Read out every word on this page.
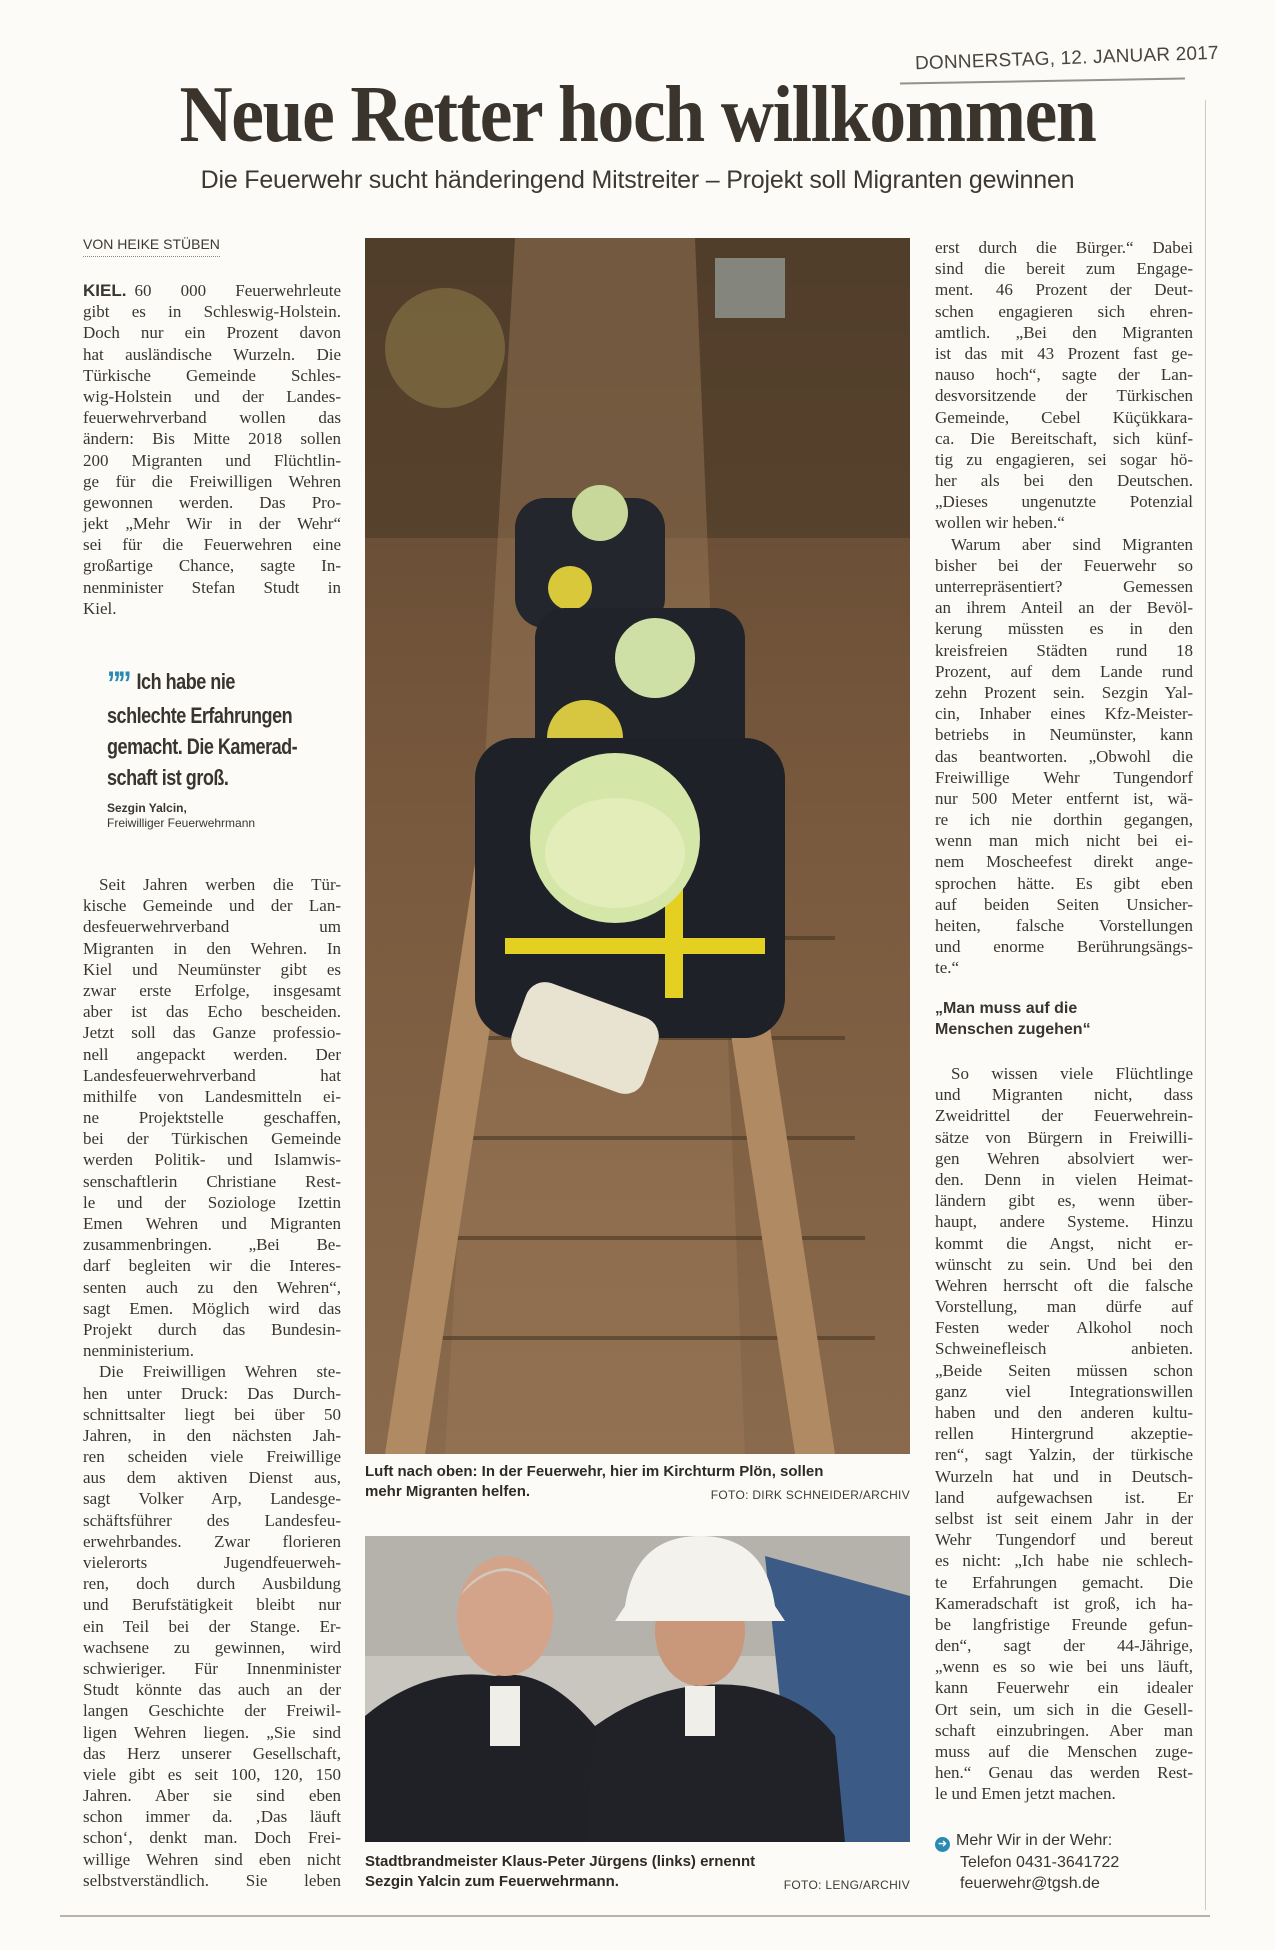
DONNERSTAG, 12. JANUAR 2017
Neue Retter hoch willkommen
Die Feuerwehr sucht händeringend Mitstreiter – Projekt soll Migranten gewinnen
VON HEIKE STÜBEN
KIEL. 60 000 Feuerwehrleute
gibt es in Schleswig-Holstein.
Doch nur ein Prozent davon
hat ausländische Wurzeln. Die
Türkische Gemeinde Schles-
wig-Holstein und der Landes-
feuerwehrverband wollen das
ändern: Bis Mitte 2018 sollen
200 Migranten und Flüchtlin-
ge für die Freiwilligen Wehren
gewonnen werden. Das Pro-
jekt „Mehr Wir in der Wehr“
sei für die Feuerwehren eine
großartige Chance, sagte In-
nenminister Stefan Studt in
Kiel.
”” Ich habe nie
schlechte Erfahrungen
gemacht. Die Kamerad-
schaft ist groß.
Sezgin Yalcin,
Freiwilliger Feuerwehrmann
Seit Jahren werben die Tür-
kische Gemeinde und der Lan-
desfeuerwehrverband um
Migranten in den Wehren. In
Kiel und Neumünster gibt es
zwar erste Erfolge, insgesamt
aber ist das Echo bescheiden.
Jetzt soll das Ganze professio-
nell angepackt werden. Der
Landesfeuerwehrverband hat
mithilfe von Landesmitteln ei-
ne Projektstelle geschaffen,
bei der Türkischen Gemeinde
werden Politik- und Islamwis-
senschaftlerin Christiane Rest-
le und der Soziologe Izettin
Emen Wehren und Migranten
zusammenbringen. „Bei Be-
darf begleiten wir die Interes-
senten auch zu den Wehren“,
sagt Emen. Möglich wird das
Projekt durch das Bundesin-
nenministerium.
Die Freiwilligen Wehren ste-
hen unter Druck: Das Durch-
schnittsalter liegt bei über 50
Jahren, in den nächsten Jah-
ren scheiden viele Freiwillige
aus dem aktiven Dienst aus,
sagt Volker Arp, Landesge-
schäftsführer des Landesfeu-
erwehrbandes. Zwar florieren
vielerorts Jugendfeuerweh-
ren, doch durch Ausbildung
und Berufstätigkeit bleibt nur
ein Teil bei der Stange. Er-
wachsene zu gewinnen, wird
schwieriger. Für Innenminister
Studt könnte das auch an der
langen Geschichte der Freiwil-
ligen Wehren liegen. „Sie sind
das Herz unserer Gesellschaft,
viele gibt es seit 100, 120, 150
Jahren. Aber sie sind eben
schon immer da. ‚Das läuft
schon‘, denkt man. Doch Frei-
willige Wehren sind eben nicht
selbstverständlich. Sie leben
Luft nach oben: In der Feuerwehr, hier im Kirchturm Plön, sollen mehr Migranten helfen.	FOTO: DIRK SCHNEIDER/ARCHIV
Stadtbrandmeister Klaus-Peter Jürgens (links) ernennt Sezgin Yalcin zum Feuerwehrmann.	FOTO: LENG/ARCHIV
erst durch die Bürger.“ Dabei
sind die bereit zum Engage-
ment. 46 Prozent der Deut-
schen engagieren sich ehren-
amtlich. „Bei den Migranten
ist das mit 43 Prozent fast ge-
nauso hoch“, sagte der Lan-
desvorsitzende der Türkischen
Gemeinde, Cebel Küçükkara-
ca. Die Bereitschaft, sich künf-
tig zu engagieren, sei sogar hö-
her als bei den Deutschen.
„Dieses ungenutzte Potenzial
wollen wir heben.“
Warum aber sind Migranten
bisher bei der Feuerwehr so
unterrepräsentiert? Gemessen
an ihrem Anteil an der Bevöl-
kerung müssten es in den
kreisfreien Städten rund 18
Prozent, auf dem Lande rund
zehn Prozent sein. Sezgin Yal-
cin, Inhaber eines Kfz-Meister-
betriebs in Neumünster, kann
das beantworten. „Obwohl die
Freiwillige Wehr Tungendorf
nur 500 Meter entfernt ist, wä-
re ich nie dorthin gegangen,
wenn man mich nicht bei ei-
nem Moscheefest direkt ange-
sprochen hätte. Es gibt eben
auf beiden Seiten Unsicher-
heiten, falsche Vorstellungen
und enorme Berührungsängs-
te.“
„Man muss auf die
Menschen zugehen“
So wissen viele Flüchtlinge
und Migranten nicht, dass
Zweidrittel der Feuerwehrein-
sätze von Bürgern in Freiwilli-
gen Wehren absolviert wer-
den. Denn in vielen Heimat-
ländern gibt es, wenn über-
haupt, andere Systeme. Hinzu
kommt die Angst, nicht er-
wünscht zu sein. Und bei den
Wehren herrscht oft die falsche
Vorstellung, man dürfe auf
Festen weder Alkohol noch
Schweinefleisch anbieten.
„Beide Seiten müssen schon
ganz viel Integrationswillen
haben und den anderen kultu-
rellen Hintergrund akzeptie-
ren“, sagt Yalzin, der türkische
Wurzeln hat und in Deutsch-
land aufgewachsen ist. Er
selbst ist seit einem Jahr in der
Wehr Tungendorf und bereut
es nicht: „Ich habe nie schlech-
te Erfahrungen gemacht. Die
Kameradschaft ist groß, ich ha-
be langfristige Freunde gefun-
den“, sagt der 44-Jährige,
„wenn es so wie bei uns läuft,
kann Feuerwehr ein idealer
Ort sein, um sich in die Gesell-
schaft einzubringen. Aber man
muss auf die Menschen zuge-
hen.“ Genau das werden Rest-
le und Emen jetzt machen.
➜ Mehr Wir in der Wehr:
Telefon 0431-3641722
feuerwehr@tgsh.de
